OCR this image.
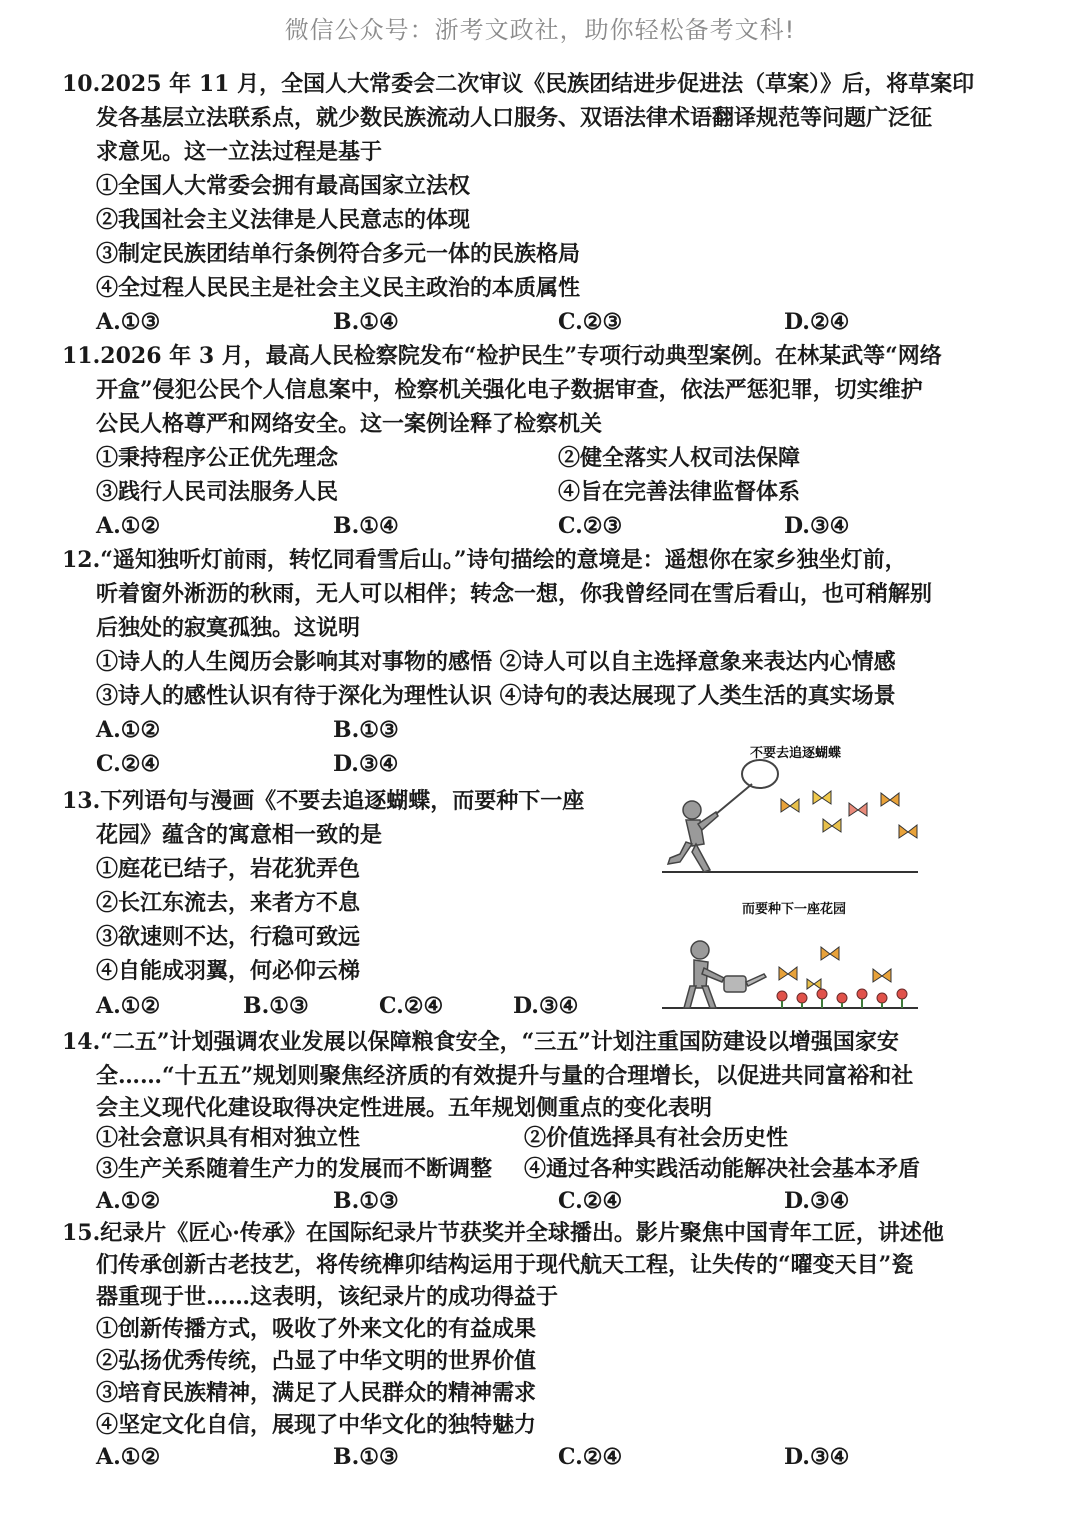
微信公众号：浙考文政社，助你轻松备考文科!
10.2025 年 11 月，全国人大常委会二次审议《民族团结进步促进法（草案）》后，将草案印
发各基层立法联系点，就少数民族流动人口服务、双语法律术语翻译规范等问题广泛征
求意见。这一立法过程是基于
①全国人大常委会拥有最高国家立法权
②我国社会主义法律是人民意志的体现
③制定民族团结单行条例符合多元一体的民族格局
④全过程人民民主是社会主义民主政治的本质属性
A.①③	B.①④	C.②③	D.②④
11.2026 年 3 月，最高人民检察院发布“检护民生”专项行动典型案例。在林某武等“网络
开盒”侵犯公民个人信息案中，检察机关强化电子数据审查，依法严惩犯罪，切实维护
公民人格尊严和网络安全。这一案例诠释了检察机关
①秉持程序公正优先理念	②健全落实人权司法保障
③践行人民司法服务人民	④旨在完善法律监督体系
A.①②	B.①④	C.②③	D.③④
12.“遥知独听灯前雨，转忆同看雪后山。”诗句描绘的意境是：遥想你在家乡独坐灯前，
听着窗外淅沥的秋雨，无人可以相伴；转念一想，你我曾经同在雪后看山，也可稍解别
后独处的寂寞孤独。这说明
①诗人的人生阅历会影响其对事物的感悟 ②诗人可以自主选择意象来表达内心情感
③诗人的感性认识有待于深化为理性认识 ④诗句的表达展现了人类生活的真实场景
A.①②	B.①③
C.②④	D.③④
13.下列语句与漫画《不要去追逐蝴蝶，而要种下一座
花园》蕴含的寓意相一致的是
①庭花已结子，岩花犹弄色
②长江东流去，来者方不息
③欲速则不达，行稳可致远
④自能成羽翼，何必仰云梯
A.①②	B.①③	C.②④	D.③④
不要去追逐蝴蝶
而要种下一座花园
14.“二五”计划强调农业发展以保障粮食安全，“三五”计划注重国防建设以增强国家安
全……“十五五”规划则聚焦经济质的有效提升与量的合理增长，以促进共同富裕和社
会主义现代化建设取得决定性进展。五年规划侧重点的变化表明
①社会意识具有相对独立性	②价值选择具有社会历史性
③生产关系随着生产力的发展而不断调整 ④通过各种实践活动能解决社会基本矛盾
A.①②	B.①③	C.②④	D.③④
15.纪录片《匠心·传承》在国际纪录片节获奖并全球播出。影片聚焦中国青年工匠，讲述他
们传承创新古老技艺，将传统榫卯结构运用于现代航天工程，让失传的“曜变天目”瓷
器重现于世……这表明，该纪录片的成功得益于
①创新传播方式，吸收了外来文化的有益成果
②弘扬优秀传统，凸显了中华文明的世界价值
③培育民族精神，满足了人民群众的精神需求
④坚定文化自信，展现了中华文化的独特魅力
A.①②	B.①③	C.②④	D.③④
